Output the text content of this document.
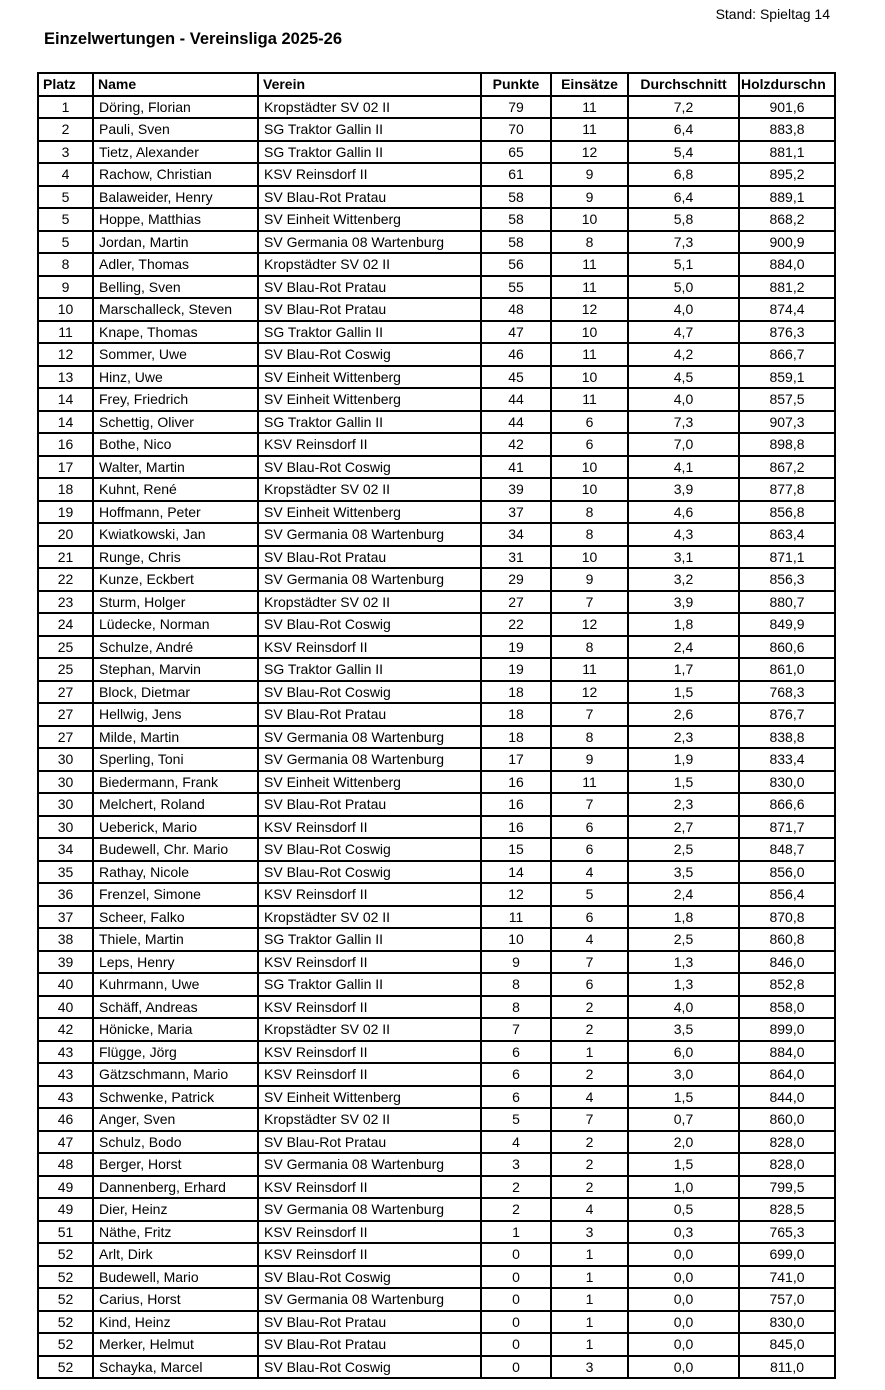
Stand: Spieltag 14
Einzelwertungen - Vereinsliga 2025-26
Platz	Name	Verein	Punkte	Einsätze	Durchschnitt	Holzdurschn
1	Döring, Florian	Kropstädter SV 02 II	79	11	7,2	901,6
2	Pauli, Sven	SG Traktor Gallin II	70	11	6,4	883,8
3	Tietz, Alexander	SG Traktor Gallin II	65	12	5,4	881,1
4	Rachow, Christian	KSV Reinsdorf II	61	9	6,8	895,2
5	Balaweider, Henry	SV Blau-Rot Pratau	58	9	6,4	889,1
5	Hoppe, Matthias	SV Einheit Wittenberg	58	10	5,8	868,2
5	Jordan, Martin	SV Germania 08 Wartenburg	58	8	7,3	900,9
8	Adler, Thomas	Kropstädter SV 02 II	56	11	5,1	884,0
9	Belling, Sven	SV Blau-Rot Pratau	55	11	5,0	881,2
10	Marschalleck, Steven	SV Blau-Rot Pratau	48	12	4,0	874,4
11	Knape, Thomas	SG Traktor Gallin II	47	10	4,7	876,3
12	Sommer, Uwe	SV Blau-Rot Coswig	46	11	4,2	866,7
13	Hinz, Uwe	SV Einheit Wittenberg	45	10	4,5	859,1
14	Frey, Friedrich	SV Einheit Wittenberg	44	11	4,0	857,5
14	Schettig, Oliver	SG Traktor Gallin II	44	6	7,3	907,3
16	Bothe, Nico	KSV Reinsdorf II	42	6	7,0	898,8
17	Walter, Martin	SV Blau-Rot Coswig	41	10	4,1	867,2
18	Kuhnt, René	Kropstädter SV 02 II	39	10	3,9	877,8
19	Hoffmann, Peter	SV Einheit Wittenberg	37	8	4,6	856,8
20	Kwiatkowski, Jan	SV Germania 08 Wartenburg	34	8	4,3	863,4
21	Runge, Chris	SV Blau-Rot Pratau	31	10	3,1	871,1
22	Kunze, Eckbert	SV Germania 08 Wartenburg	29	9	3,2	856,3
23	Sturm, Holger	Kropstädter SV 02 II	27	7	3,9	880,7
24	Lüdecke, Norman	SV Blau-Rot Coswig	22	12	1,8	849,9
25	Schulze, André	KSV Reinsdorf II	19	8	2,4	860,6
25	Stephan, Marvin	SG Traktor Gallin II	19	11	1,7	861,0
27	Block, Dietmar	SV Blau-Rot Coswig	18	12	1,5	768,3
27	Hellwig, Jens	SV Blau-Rot Pratau	18	7	2,6	876,7
27	Milde, Martin	SV Germania 08 Wartenburg	18	8	2,3	838,8
30	Sperling, Toni	SV Germania 08 Wartenburg	17	9	1,9	833,4
30	Biedermann, Frank	SV Einheit Wittenberg	16	11	1,5	830,0
30	Melchert, Roland	SV Blau-Rot Pratau	16	7	2,3	866,6
30	Ueberick, Mario	KSV Reinsdorf II	16	6	2,7	871,7
34	Budewell, Chr. Mario	SV Blau-Rot Coswig	15	6	2,5	848,7
35	Rathay, Nicole	SV Blau-Rot Coswig	14	4	3,5	856,0
36	Frenzel, Simone	KSV Reinsdorf II	12	5	2,4	856,4
37	Scheer, Falko	Kropstädter SV 02 II	11	6	1,8	870,8
38	Thiele, Martin	SG Traktor Gallin II	10	4	2,5	860,8
39	Leps, Henry	KSV Reinsdorf II	9	7	1,3	846,0
40	Kuhrmann, Uwe	SG Traktor Gallin II	8	6	1,3	852,8
40	Schäff, Andreas	KSV Reinsdorf II	8	2	4,0	858,0
42	Hönicke, Maria	Kropstädter SV 02 II	7	2	3,5	899,0
43	Flügge, Jörg	KSV Reinsdorf II	6	1	6,0	884,0
43	Gätzschmann, Mario	KSV Reinsdorf II	6	2	3,0	864,0
43	Schwenke, Patrick	SV Einheit Wittenberg	6	4	1,5	844,0
46	Anger, Sven	Kropstädter SV 02 II	5	7	0,7	860,0
47	Schulz, Bodo	SV Blau-Rot Pratau	4	2	2,0	828,0
48	Berger, Horst	SV Germania 08 Wartenburg	3	2	1,5	828,0
49	Dannenberg, Erhard	KSV Reinsdorf II	2	2	1,0	799,5
49	Dier, Heinz	SV Germania 08 Wartenburg	2	4	0,5	828,5
51	Näthe, Fritz	KSV Reinsdorf II	1	3	0,3	765,3
52	Arlt, Dirk	KSV Reinsdorf II	0	1	0,0	699,0
52	Budewell, Mario	SV Blau-Rot Coswig	0	1	0,0	741,0
52	Carius, Horst	SV Germania 08 Wartenburg	0	1	0,0	757,0
52	Kind, Heinz	SV Blau-Rot Pratau	0	1	0,0	830,0
52	Merker, Helmut	SV Blau-Rot Pratau	0	1	0,0	845,0
52	Schayka, Marcel	SV Blau-Rot Coswig	0	3	0,0	811,0
